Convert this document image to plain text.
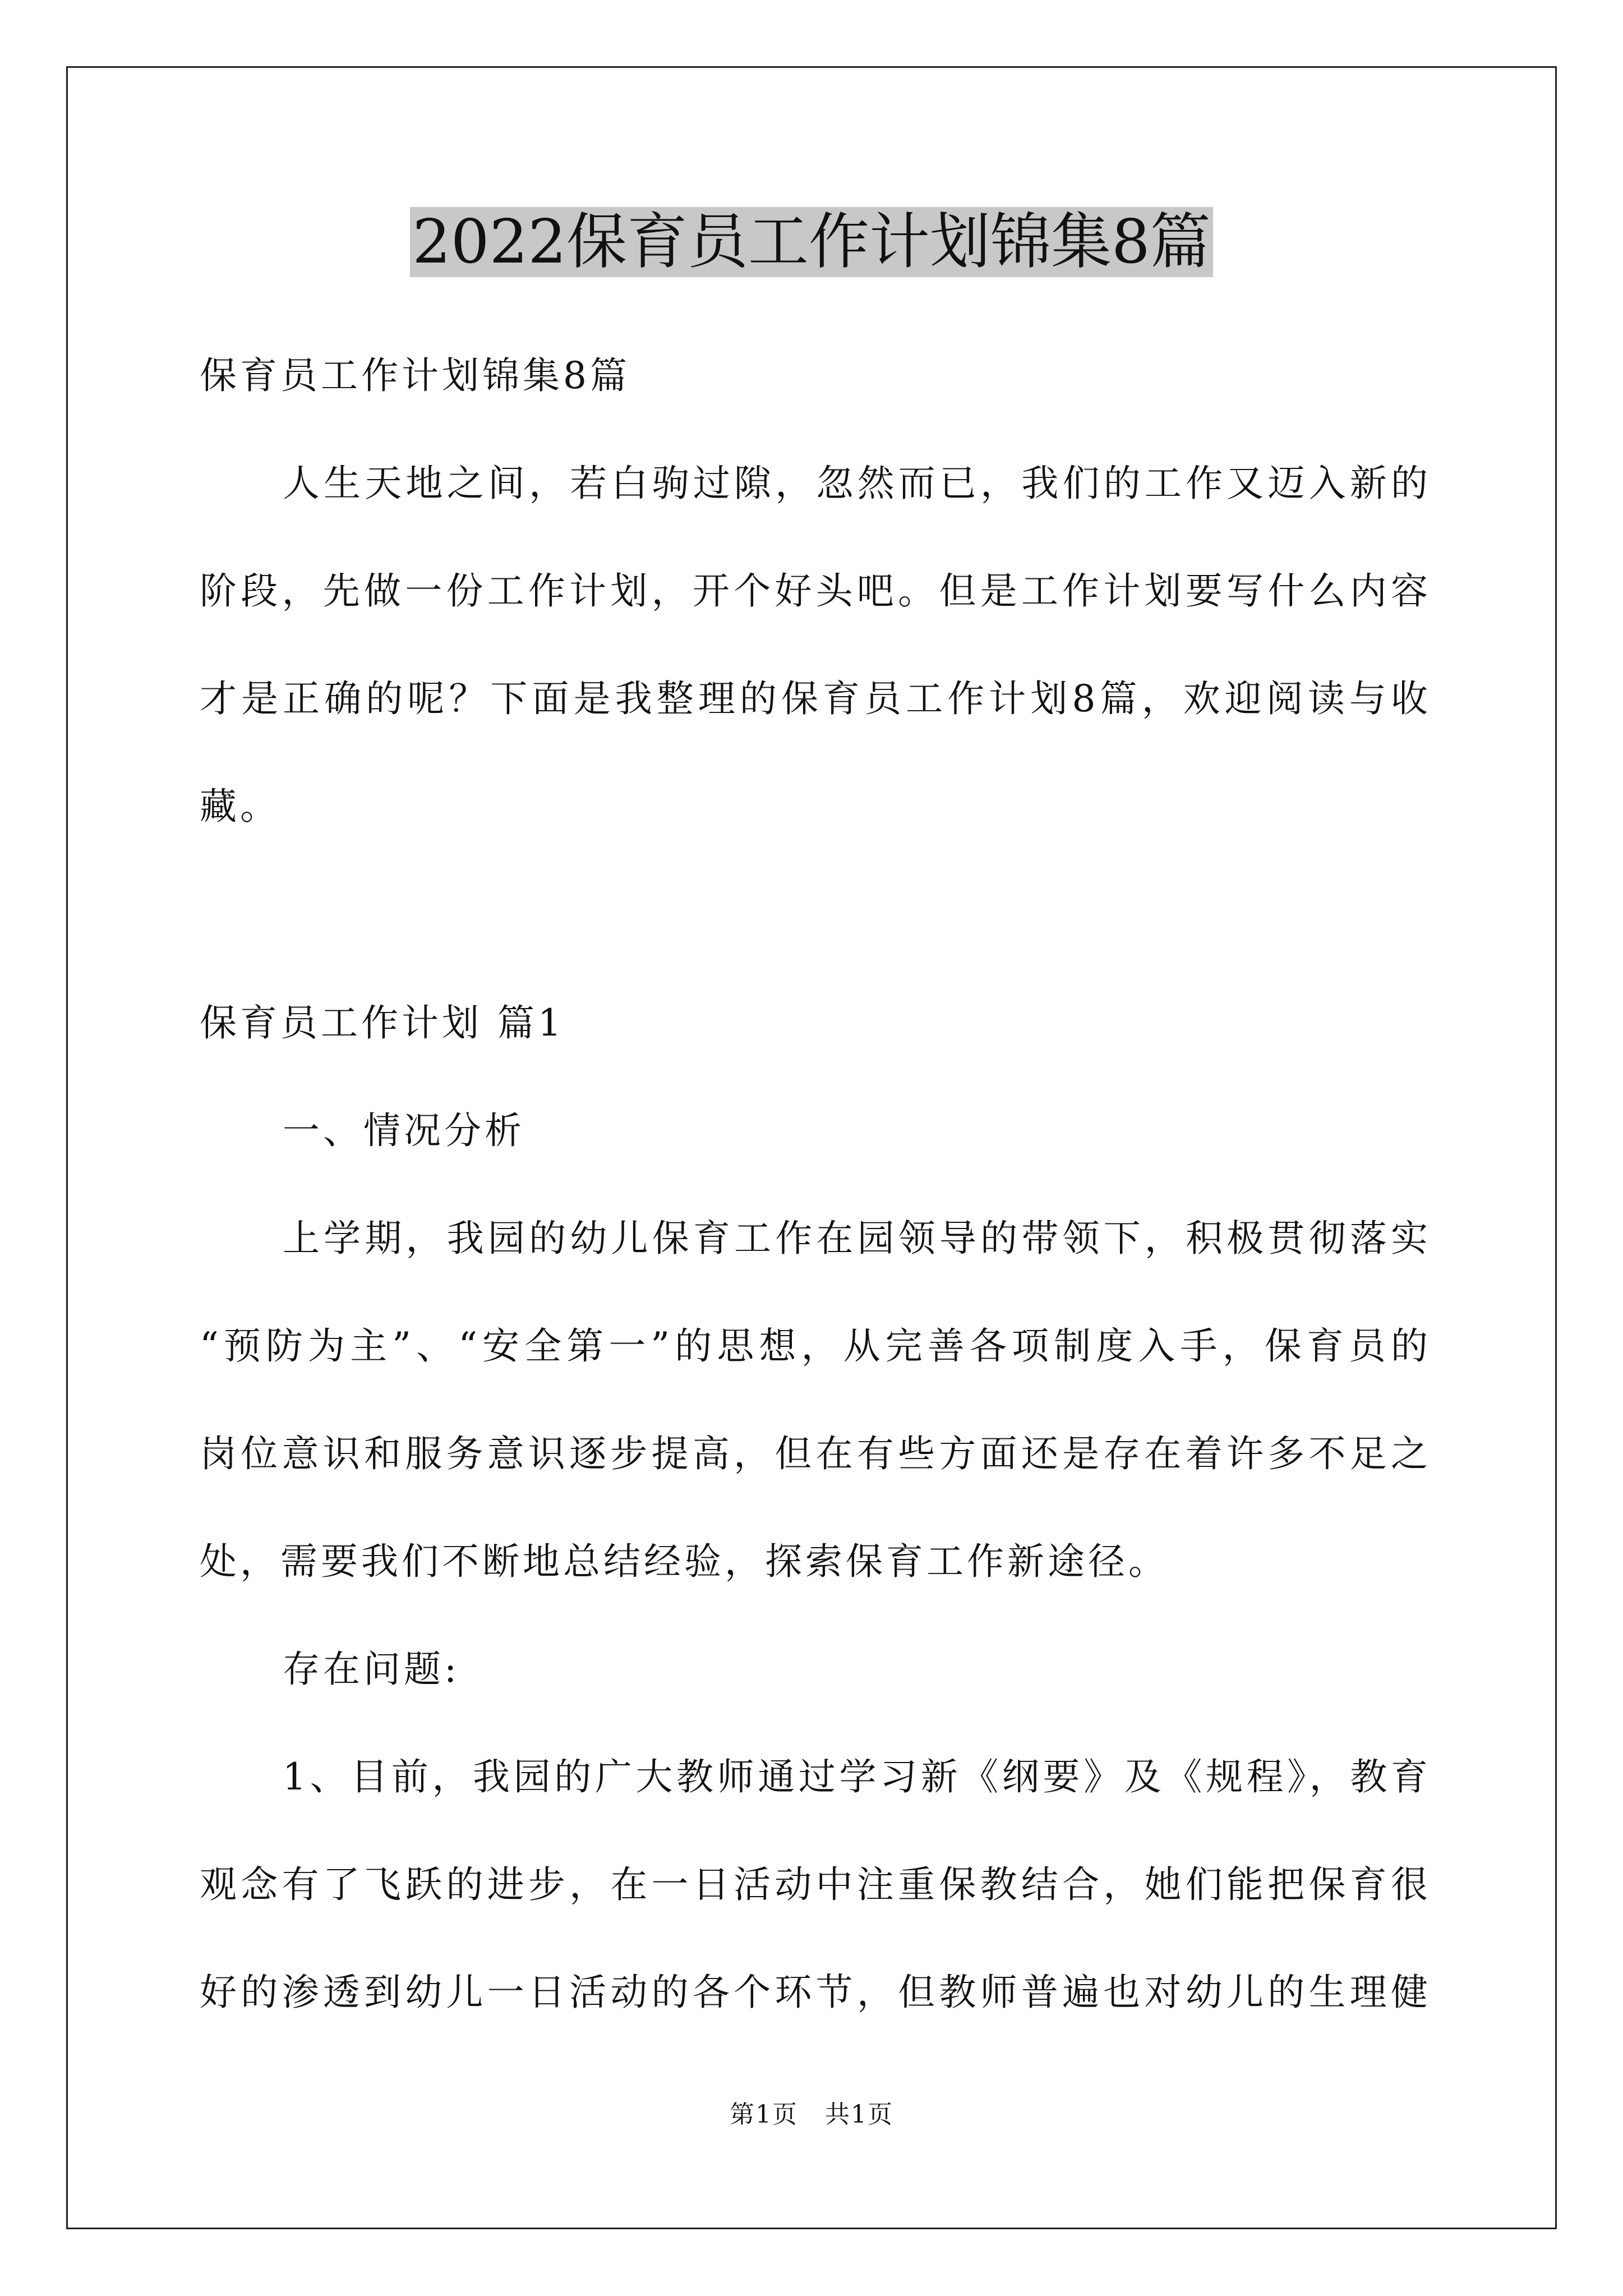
2022保育员工作计划锦集8篇

保育员工作计划锦集8篇

人生天地之间，若白驹过隙，忽然而已，我们的工作又迈入新的
阶段，先做一份工作计划，开个好头吧。但是工作计划要写什么内容
才是正确的呢？下面是我整理的保育员工作计划8篇，欢迎阅读与收
藏。

保育员工作计划 篇1

一、情况分析

上学期，我园的幼儿保育工作在园领导的带领下，积极贯彻落实
“预防为主”、“安全第一”的思想，从完善各项制度入手，保育员的
岗位意识和服务意识逐步提高，但在有些方面还是存在着许多不足之
处，需要我们不断地总结经验，探索保育工作新途径。

存在问题:

1、目前，我园的广大教师通过学习新《纲要》及《规程》，教育
观念有了飞跃的进步，在一日活动中注重保教结合，她们能把保育很
好的渗透到幼儿一日活动的各个环节，但教师普遍也对幼儿的生理健
第1页 共1页
